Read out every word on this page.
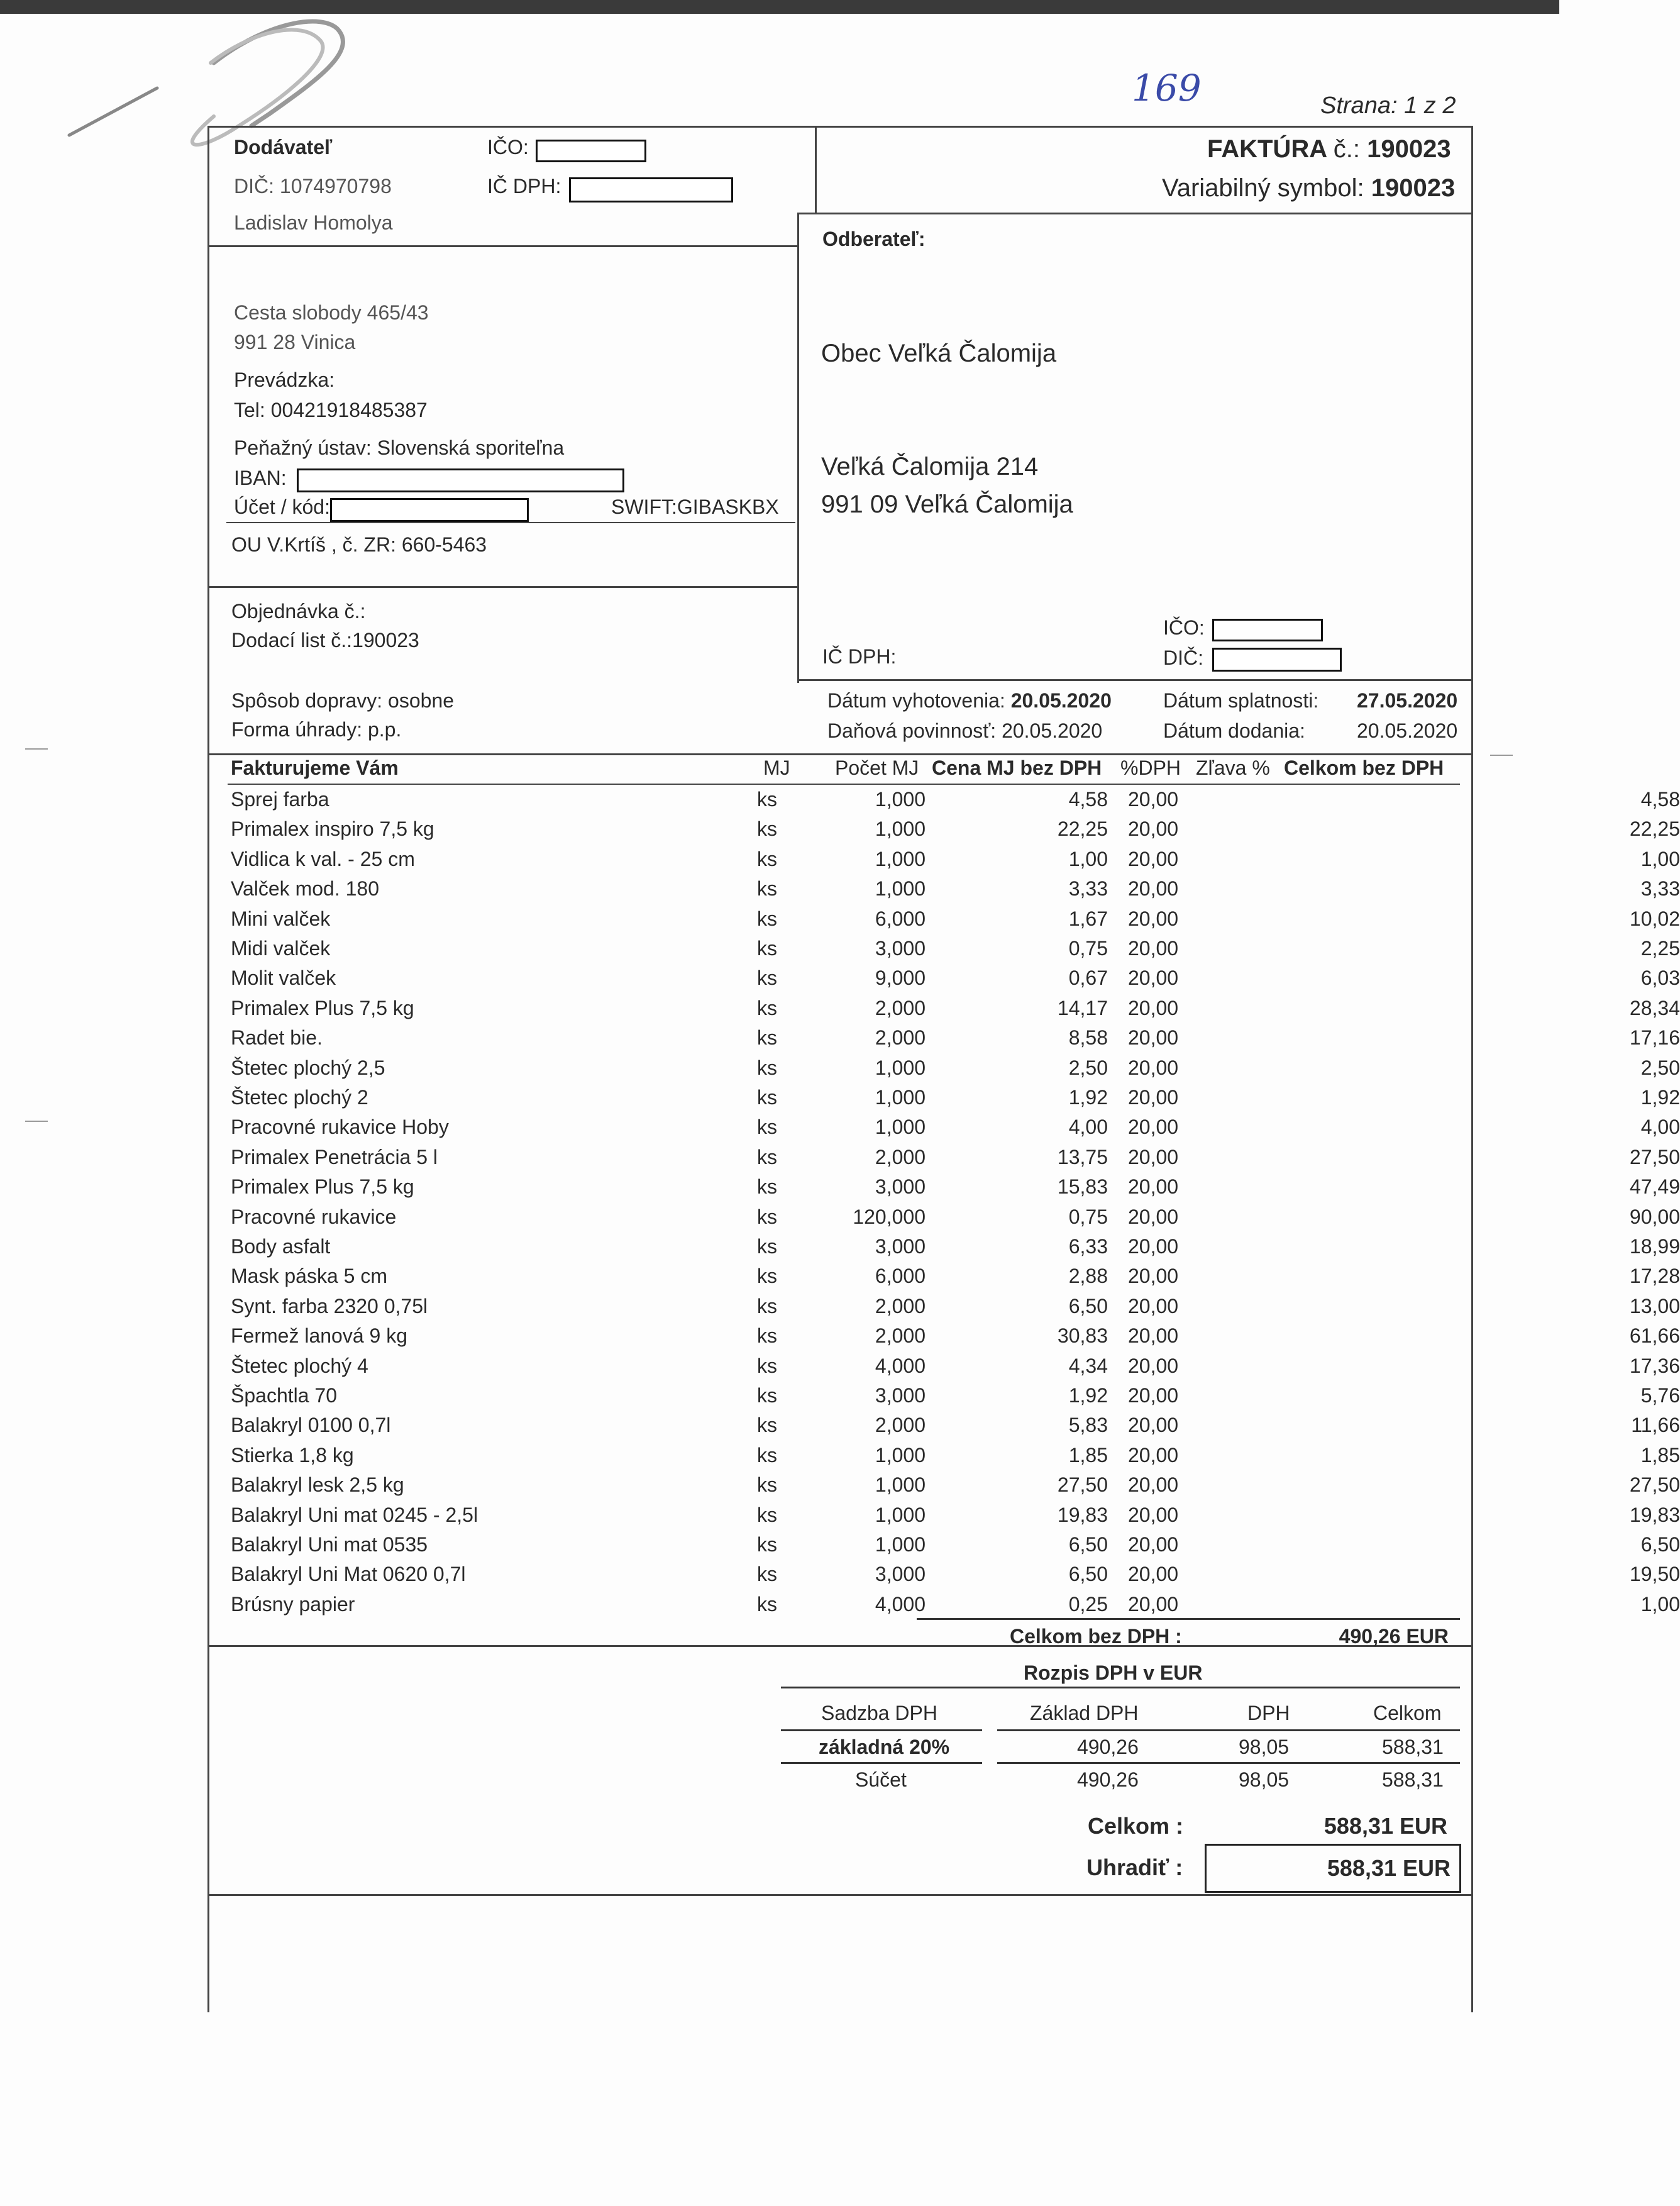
169	Strana: 1 z 2
FAKTÚRA č.: 190023
Variabilný symbol: 190023
Dodávateľ	IČO:
DIČ: 1074970798	IČ DPH:
Ladislav Homolya
Cesta slobody 465/43
991 28 Vinica
Prevádzka:
Tel: 00421918485387
Peňažný ústav: Slovenská sporiteľna
IBAN:
Účet / kód:	SWIFT:GIBASKBX
OU V.Krtíš , č. ZR: 660-5463
Objednávka č.:
Dodací list č.:190023
Spôsob dopravy: osobne
Forma úhrady: p.p.
Odberateľ:
Obec Veľká Čalomija
Veľká Čalomija 214
991 09 Veľká Čalomija
IČO:
DIČ:
IČ DPH:
Dátum vyhotovenia: 20.05.2020	Dátum splatnosti: 27.05.2020
Daňová povinnosť: 20.05.2020	Dátum dodania:	20.05.2020
Fakturujeme Vám	MJ Počet MJ Cena MJ bez DPH %DPH Zľava % Celkom bez DPH
Sprej farba	ks	1,000	4,58 20,00	4,58
Primalex inspiro 7,5 kg	ks	1,000	22,25 20,00	22,25
Vidlica k val. - 25 cm	ks	1,000	1,00 20,00	1,00
Valček mod. 180	ks	1,000	3,33 20,00	3,33
Mini valček	ks	6,000	1,67 20,00	10,02
Midi valček	ks	3,000	0,75 20,00	2,25
Molit valček	ks	9,000	0,67 20,00	6,03
Primalex Plus 7,5 kg	ks	2,000	14,17 20,00	28,34
Radet bie.	ks	2,000	8,58 20,00	17,16
Štetec plochý 2,5	ks	1,000	2,50 20,00	2,50
Štetec plochý 2	ks	1,000	1,92 20,00	1,92
Pracovné rukavice Hoby	ks	1,000	4,00 20,00	4,00
Primalex Penetrácia 5 l	ks	2,000	13,75 20,00	27,50
Primalex Plus 7,5 kg	ks	3,000	15,83 20,00	47,49
Pracovné rukavice	ks	120,000	0,75 20,00	90,00
Body asfalt	ks	3,000	6,33 20,00	18,99
Mask páska 5 cm	ks	6,000	2,88 20,00	17,28
Synt. farba 2320 0,75l	ks	2,000	6,50 20,00	13,00
Fermež lanová 9 kg	ks	2,000	30,83 20,00	61,66
Štetec plochý 4	ks	4,000	4,34 20,00	17,36
Špachtla 70	ks	3,000	1,92 20,00	5,76
Balakryl 0100 0,7l	ks	2,000	5,83 20,00	11,66
Stierka 1,8 kg	ks	1,000	1,85 20,00	1,85
Balakryl lesk 2,5 kg	ks	1,000	27,50 20,00	27,50
Balakryl Uni mat 0245 - 2,5l	ks	1,000	19,83 20,00	19,83
Balakryl Uni mat 0535	ks	1,000	6,50 20,00	6,50
Balakryl Uni Mat 0620 0,7l	ks	3,000	6,50 20,00	19,50
Brúsny papier	ks	4,000	0,25 20,00	1,00
Celkom bez DPH :	490,26 EUR
Rozpis DPH v EUR
Sadzba DPH	Základ DPH	DPH	Celkom
základná 20%	490,26	98,05	588,31
Súčet	490,26	98,05	588,31
Celkom :	588,31 EUR
Uhradiť :	588,31 EUR
